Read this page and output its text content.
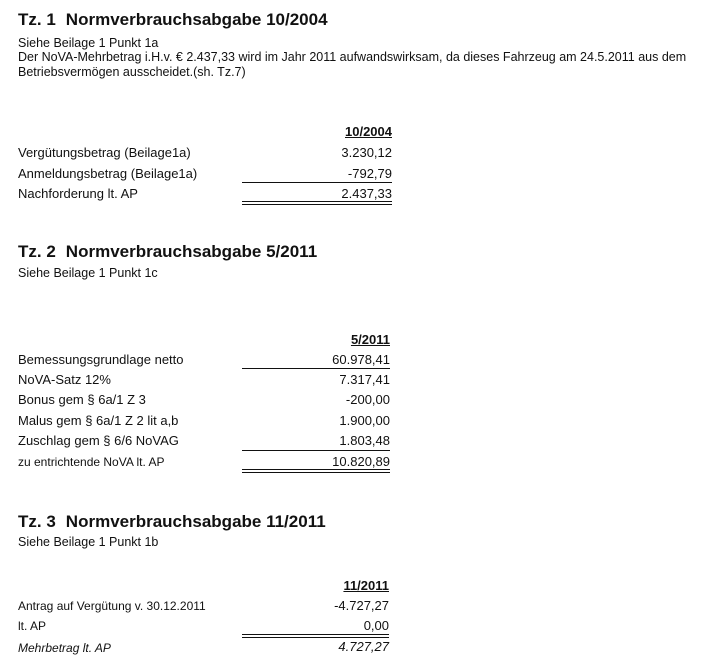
Tz. 1 Normverbrauchsabgabe 10/2004
Siehe Beilage 1 Punkt 1a
Der NoVA-Mehrbetrag i.H.v. € 2.437,33 wird im Jahr 2011 aufwandswirksam, da dieses Fahrzeug am 24.5.2011 aus dem Betriebsvermögen ausscheidet.(sh. Tz.7)
10/2004
Vergütungsbetrag (Beilage1a)	3.230,12
Anmeldungsbetrag (Beilage1a)	-792,79
Nachforderung lt. AP	2.437,33
Tz. 2 Normverbrauchsabgabe 5/2011
Siehe Beilage 1 Punkt 1c
5/2011
Bemessungsgrundlage netto	60.978,41
NoVA-Satz 12%	7.317,41
Bonus gem § 6a/1 Z 3	-200,00
Malus gem § 6a/1 Z 2 lit a,b	1.900,00
Zuschlag gem § 6/6 NoVAG	1.803,48
zu entrichtende NoVA lt. AP	10.820,89
Tz. 3 Normverbrauchsabgabe 11/2011
Siehe Beilage 1 Punkt 1b
11/2011
Antrag auf Vergütung v. 30.12.2011	-4.727,27
lt. AP	0,00
Mehrbetrag lt. AP	4.727,27
